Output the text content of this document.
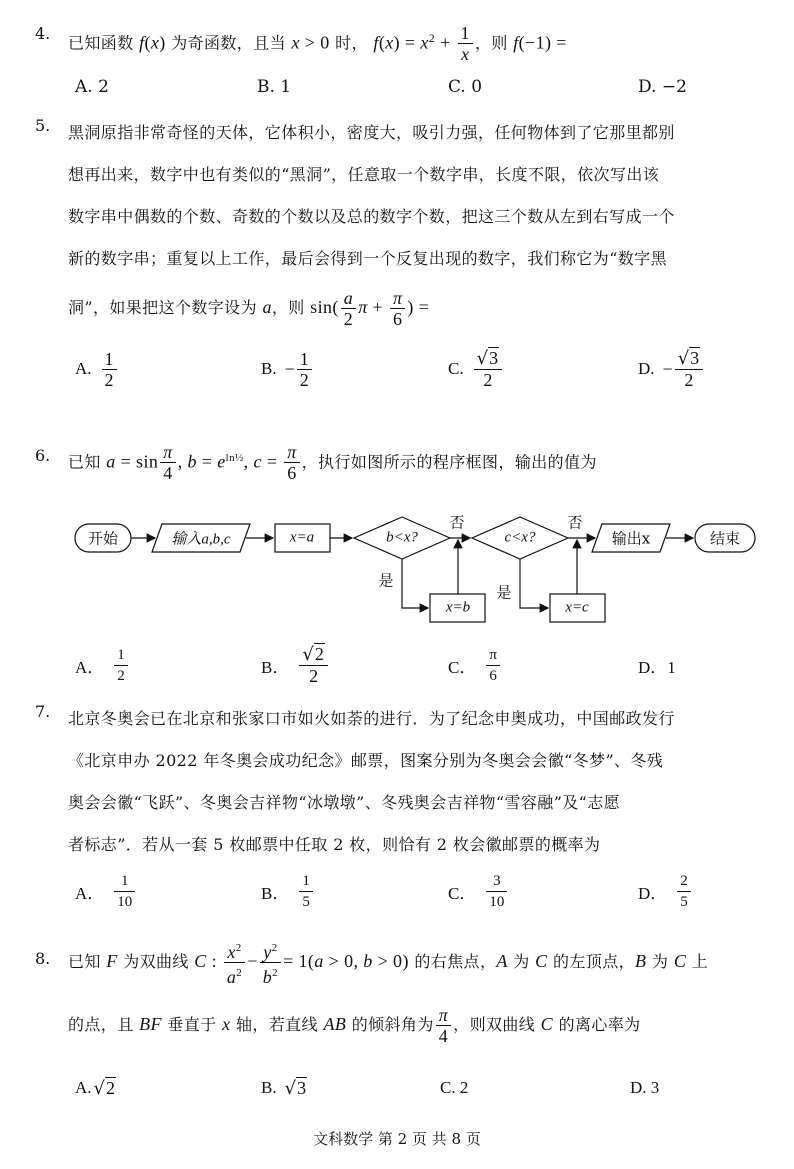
4. 已知函数 f(x) 为奇函数，且当 x > 0 时， $f(x) = x^2 + \frac{1}{x}$ ，则 f(−1) =
A. 2	B. 1	C. 0	D. −2
5. 黑洞原指非常奇怪的天体，它体积小，密度大，吸引力强，任何物体到了它那里都别
想再出来，数字中也有类似的“黑洞”，任意取一个数字串，长度不限，依次写出该
数字串中偶数的个数、奇数的个数以及总的数字个数，把这三个数从左到右写成一个
新的数字串；重复以上工作，最后会得到一个反复出现的数字，我们称它为“数字黑
洞”，如果把这个数字设为 a，则 $\sin( \frac{a}{2}$ $\pi + \frac{\pi}{6}$ ) =
A. $\frac{1}{2}$	B. − $\frac{1}{2}$	C. $\frac{√3}{2}$	D. − $\frac{√3}{2}$
6. 已知 $a = \sin \frac{\pi}{4}$ , $b = e^{ln\frac{1}{2}}$, $c = \frac{\pi}{6}$ ，执行如图所示的程序框图，输出的值为
开始	输入a,b,c	x=a	b<x?	c<x?	输出x	结束
否	否
是
是
x=b	x=c
A． $\frac{1}{2}$	B． $\frac{√2}{2}$	C． $\frac{\pi}{6}$	D．1
7. 北京冬奥会已在北京和张家口市如火如荼的进行．为了纪念申奥成功，中国邮政发行
《北京申办 2022 年冬奥会成功纪念》邮票，图案分别为冬奥会会徽“冬梦”、冬残
奥会会徽“飞跃”、冬奥会吉祥物“冰墩墩”、冬残奥会吉祥物“雪容融”及“志愿
者标志”．若从一套 5 枚邮票中任取 2 枚，则恰有 2 枚会徽邮票的概率为
A． $\frac{1}{10}$	B． $\frac{1}{5}$	C． $\frac{3}{10}$	D． $\frac{2}{5}$
8. 已知 F 为双曲线 C : $\frac{x^2}{a^2} - \frac{y^2}{b^2} = 1(a > 0$, b > 0) 的右焦点，A 为 C 的左顶点，B 为 C 上
的点，且 BF 垂直于 x 轴，若直线 AB 的倾斜角为 $\frac{\pi}{4}$ ，则双曲线 C 的离心率为
A. √2	B. √3	C. 2	D. 3
文科数学 第 2 页 共 8 页
